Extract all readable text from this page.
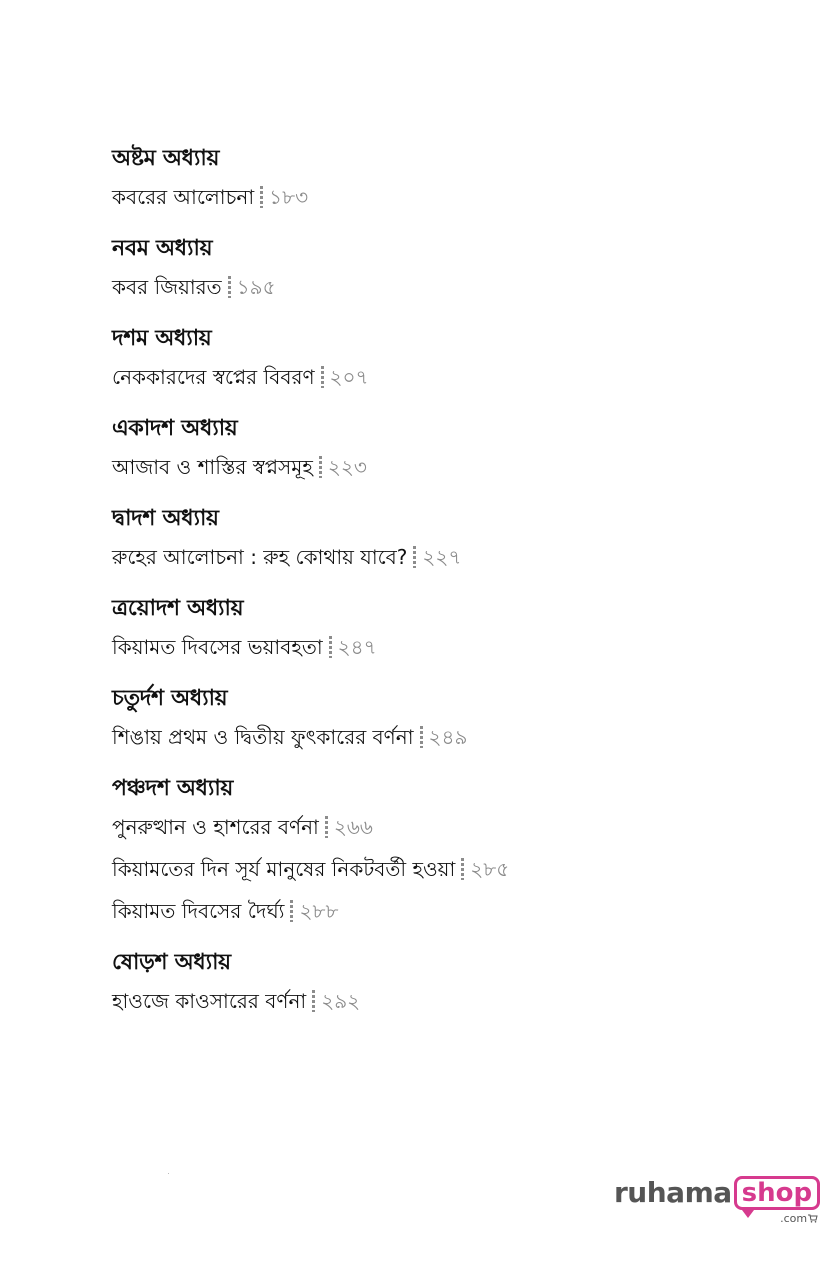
অষ্টম অধ্যায়
কবরের আলোচনা ১৮৩
নবম অধ্যায়
কবর জিয়ারত ১৯৫
দশম অধ্যায়
নেককারদের স্বপ্নের বিবরণ ২০৭
একাদশ অধ্যায়
আজাব ও শাস্তির স্বপ্নসমূহ ২২৩
দ্বাদশ অধ্যায়
রুহের আলোচনা : রুহ কোথায় যাবে? ২২৭
ত্রয়োদশ অধ্যায়
কিয়ামত দিবসের ভয়াবহতা ২৪৭
চতুর্দশ অধ্যায়
শিঙায় প্রথম ও দ্বিতীয় ফুৎকারের বর্ণনা ২৪৯
পঞ্চদশ অধ্যায়
পুনরুত্থান ও হাশরের বর্ণনা ২৬৬
কিয়ামতের দিন সূর্য মানুষের নিকটবর্তী হওয়া ২৮৫
কিয়ামত দিবসের দৈর্ঘ্য ২৮৮
ষোড়শ অধ্যায়
হাওজে কাওসারের বর্ণনা ২৯২
ruhama shop
.com
